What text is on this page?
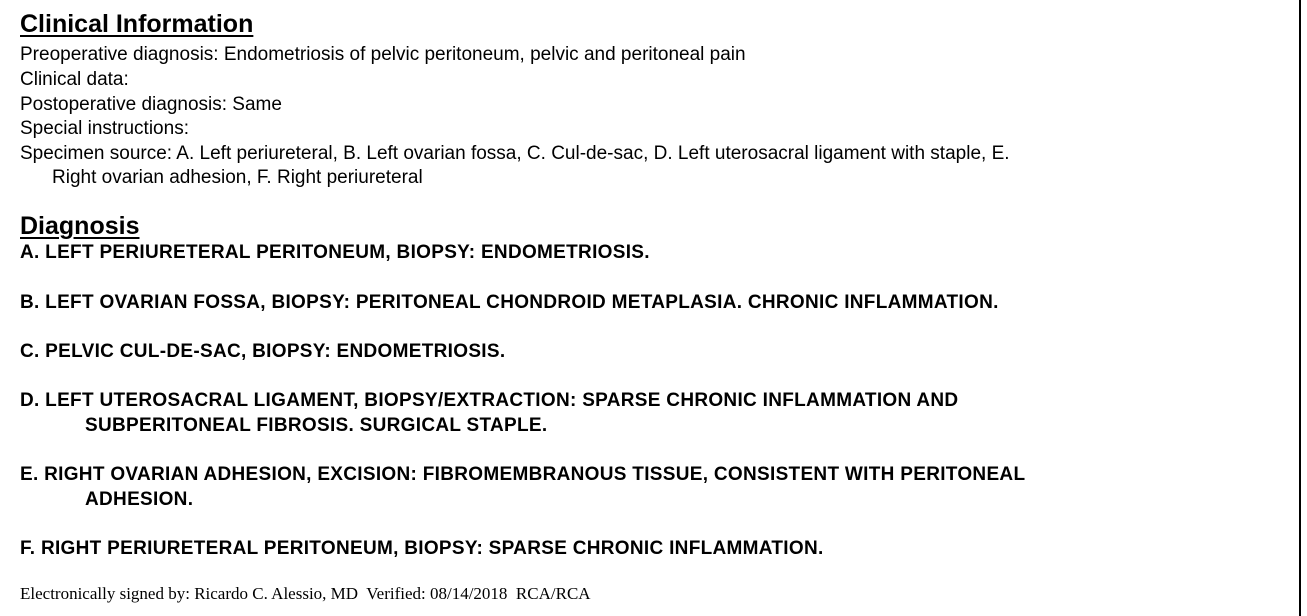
Clinical Information
Preoperative diagnosis: Endometriosis of pelvic peritoneum, pelvic and peritoneal pain
Clinical data:
Postoperative diagnosis: Same
Special instructions:
Specimen source: A. Left periureteral, B. Left ovarian fossa, C. Cul-de-sac, D. Left uterosacral ligament with staple, E.
Right ovarian adhesion, F. Right periureteral
Diagnosis
A. LEFT PERIURETERAL PERITONEUM, BIOPSY: ENDOMETRIOSIS.
B. LEFT OVARIAN FOSSA, BIOPSY: PERITONEAL CHONDROID METAPLASIA. CHRONIC INFLAMMATION.
C. PELVIC CUL-DE-SAC, BIOPSY: ENDOMETRIOSIS.
D. LEFT UTEROSACRAL LIGAMENT, BIOPSY/EXTRACTION: SPARSE CHRONIC INFLAMMATION AND
SUBPERITONEAL FIBROSIS. SURGICAL STAPLE.
E. RIGHT OVARIAN ADHESION, EXCISION: FIBROMEMBRANOUS TISSUE, CONSISTENT WITH PERITONEAL
ADHESION.
F. RIGHT PERIURETERAL PERITONEUM, BIOPSY: SPARSE CHRONIC INFLAMMATION.
Electronically signed by: Ricardo C. Alessio, MD  Verified: 08/14/2018  RCA/RCA
